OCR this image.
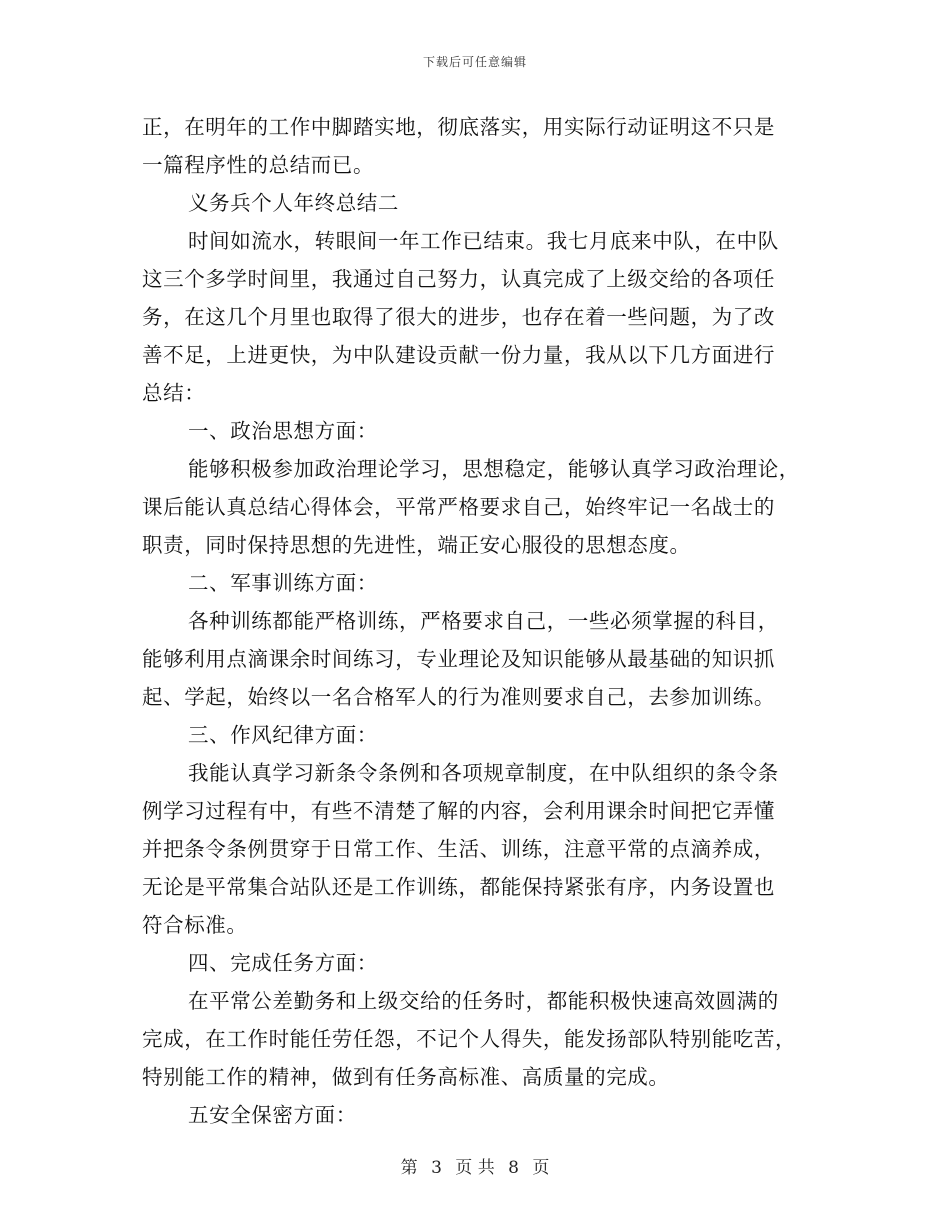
下载后可任意编辑
正，在明年的工作中脚踏实地，彻底落实，用实际行动证明这不只是
一篇程序性的总结而已。
义务兵个人年终总结二
时间如流水，转眼间一年工作已结束。我七月底来中队，在中队
这三个多学时间里，我通过自己努力，认真完成了上级交给的各项任
务，在这几个月里也取得了很大的进步，也存在着一些问题，为了改
善不足，上进更快，为中队建设贡献一份力量，我从以下几方面进行
总结：
一、政治思想方面：
能够积极参加政治理论学习，思想稳定，能够认真学习政治理论，
课后能认真总结心得体会，平常严格要求自己，始终牢记一名战士的
职责，同时保持思想的先进性，端正安心服役的思想态度。
二、军事训练方面：
各种训练都能严格训练，严格要求自己，一些必须掌握的科目，
能够利用点滴课余时间练习，专业理论及知识能够从最基础的知识抓
起、学起，始终以一名合格军人的行为准则要求自己，去参加训练。
三、作风纪律方面：
我能认真学习新条令条例和各项规章制度，在中队组织的条令条
例学习过程有中，有些不清楚了解的内容，会利用课余时间把它弄懂
并把条令条例贯穿于日常工作、生活、训练，注意平常的点滴养成，
无论是平常集合站队还是工作训练，都能保持紧张有序，内务设置也
符合标准。
四、完成任务方面：
在平常公差勤务和上级交给的任务时，都能积极快速高效圆满的
完成，在工作时能任劳任怨，不记个人得失，能发扬部队特别能吃苦，
特别能工作的精神，做到有任务高标准、高质量的完成。
五安全保密方面：
第 3 页 共 8 页
